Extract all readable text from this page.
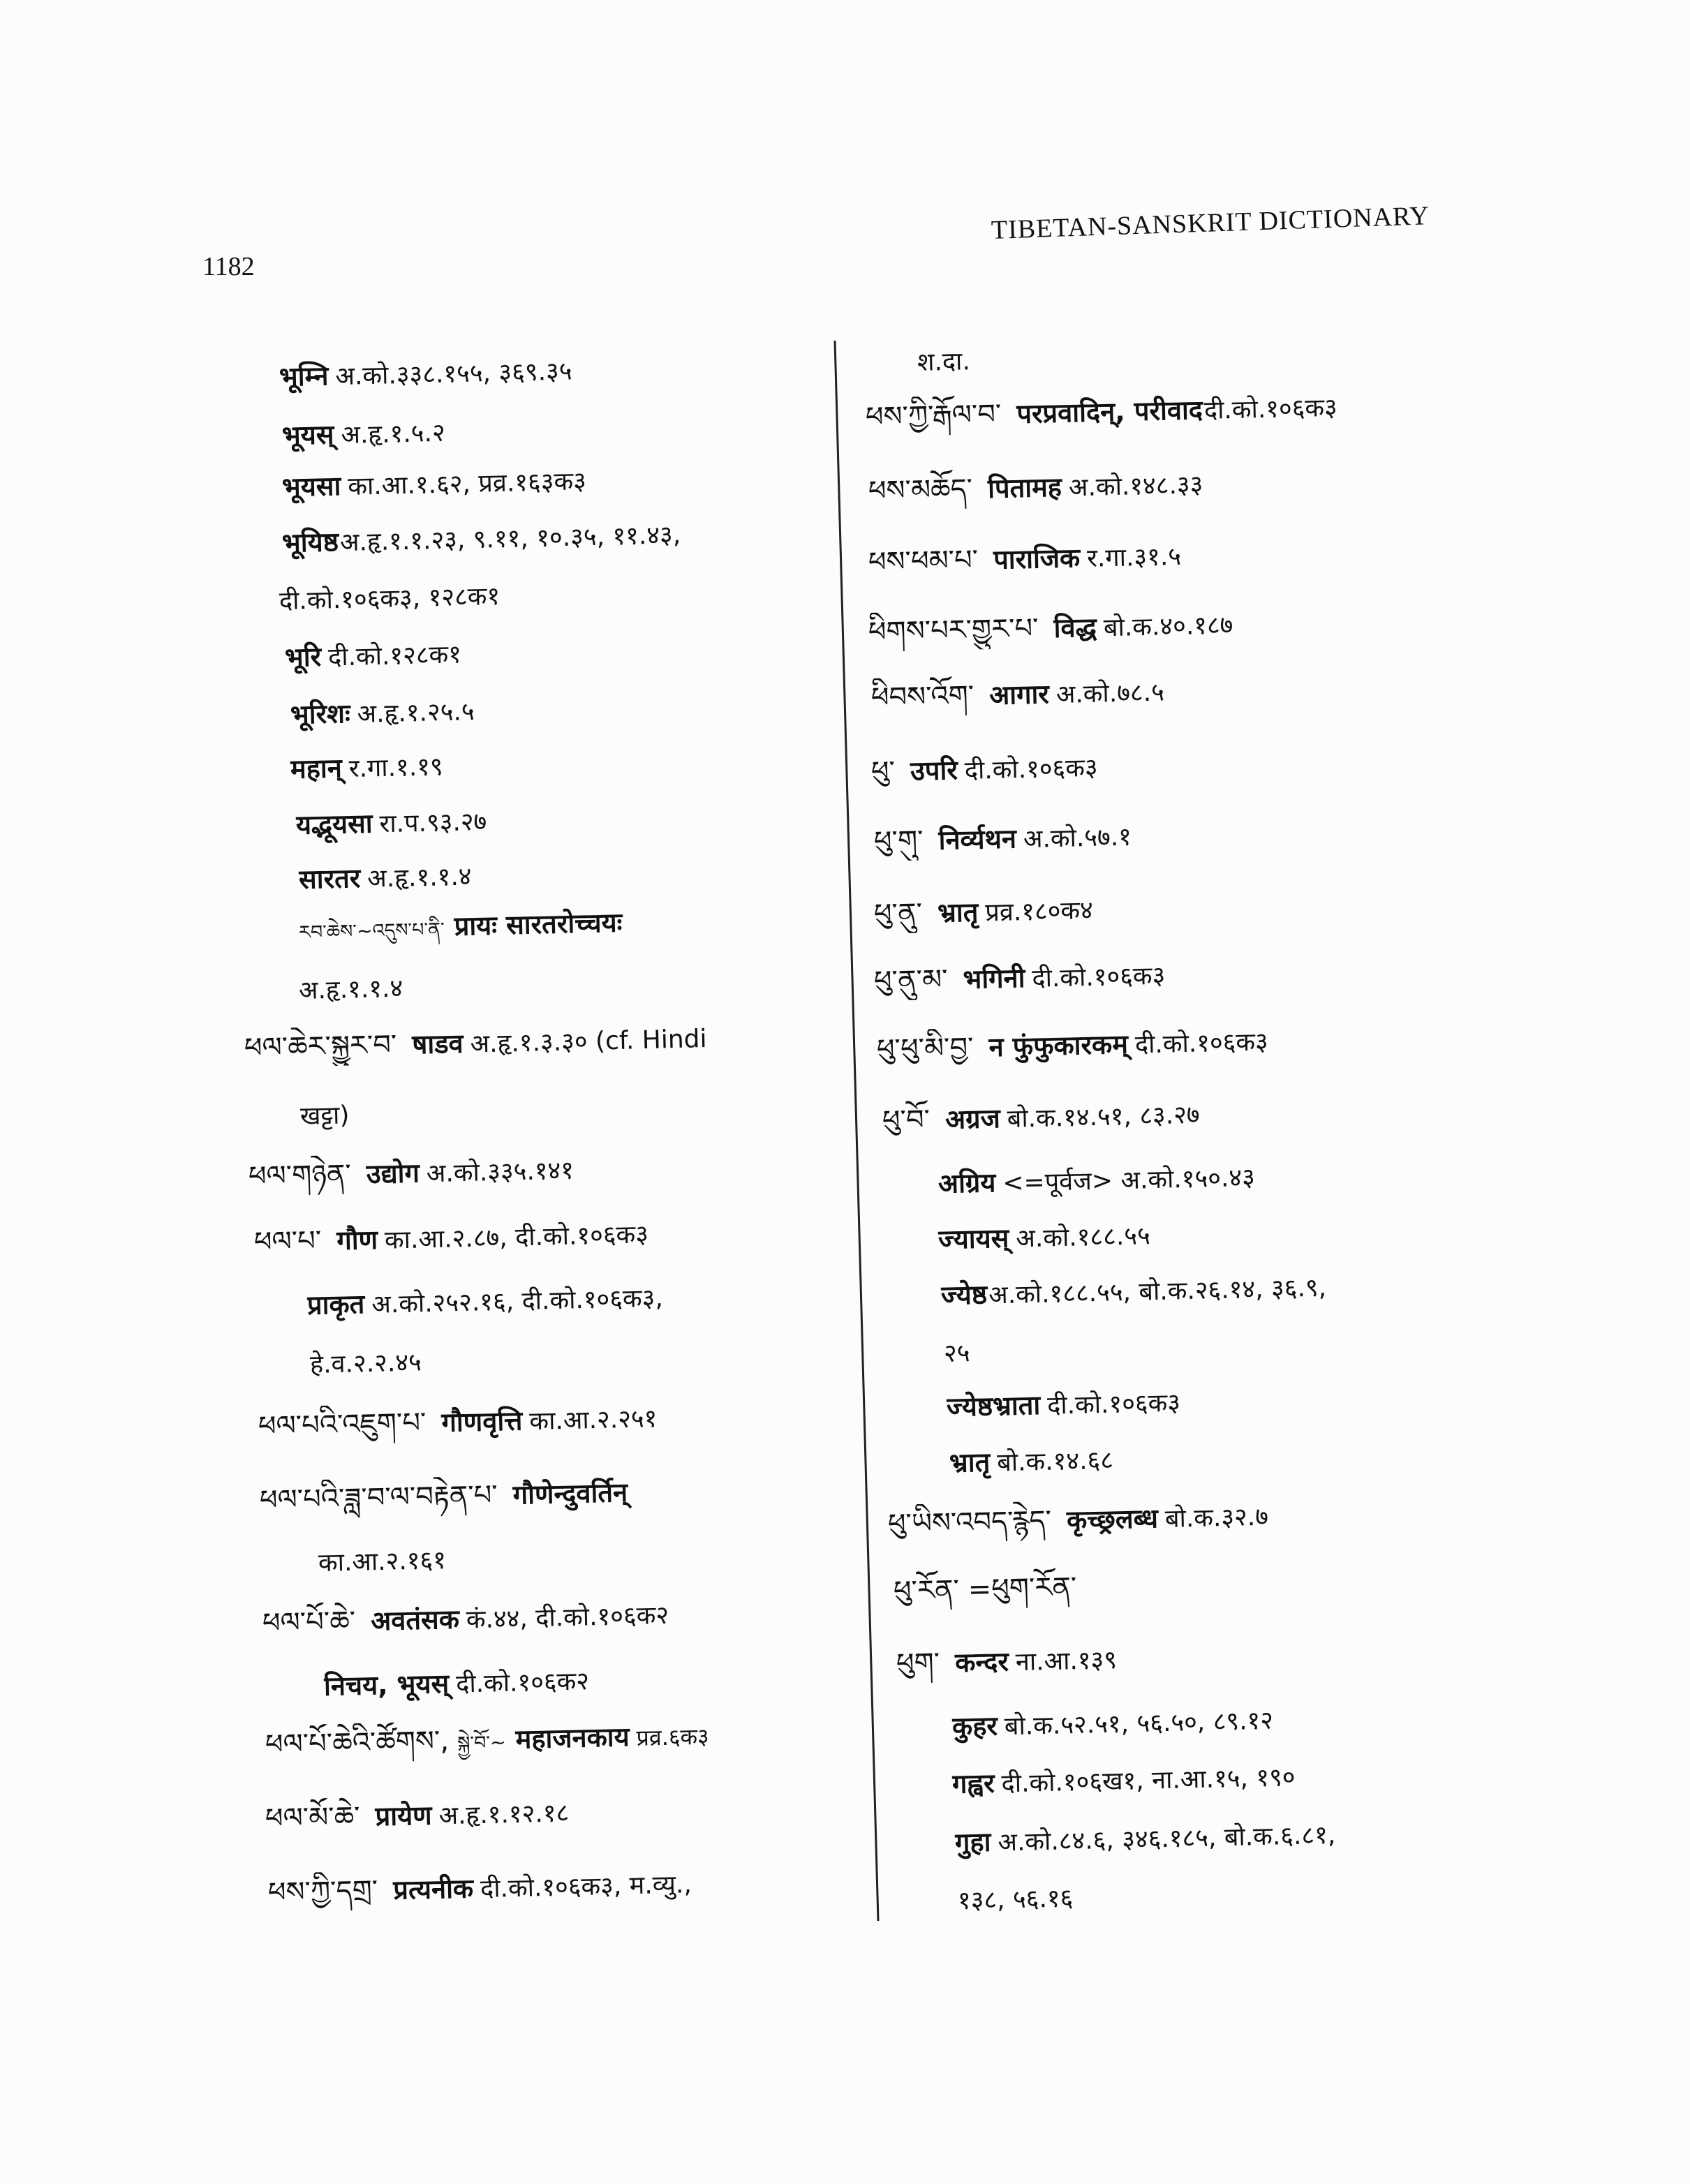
1182
TIBETAN-SANSKRIT DICTIONARY
भूम्नि अ.को.३३८.१५५, ३६९.३५
भूयस् अ.हृ.१.५.२
भूयसा का.आ.१.६२, प्रव्र.१६३क३
भूयिष्ठअ.हृ.१.१.२३, ९.११, १०.३५, ११.४३,
दी.को.१०६क३, १२८क१
भूरि दी.को.१२८क१
भूरिशः अ.हृ.१.२५.५
महान् र.गा.१.१९
यद्भूयसा रा.प.९३.२७
सारतर अ.हृ.१.१.४
རབ་ཆེས་~འདུས་པ་ནི་ प्रायः सारतरोच्चयः
अ.हृ.१.१.४
ཕལ་ཆེར་སྐྱུར་བ་ षाडव अ.हृ.१.३.३० (cf. Hindi
खट्टा)
ཕལ་གཉེན་ उद्योग अ.को.३३५.१४१
ཕལ་པ་ गौण का.आ.२.८७, दी.को.१०६क३
प्राकृत अ.को.२५२.१६, दी.को.१०६क३,
हे.व.२.२.४५
ཕལ་པའི་འཇུག་པ་ गौणवृत्ति का.आ.२.२५१
ཕལ་པའི་ཟླ་བ་ལ་བརྟེན་པ་ गौणेन्दुवर्तिन्
का.आ.२.१६१
ཕལ་པོ་ཆེ་ अवतंसक कं.४४, दी.को.१०६क२
निचय, भूयस् दी.को.१०६क२
ཕལ་པོ་ཆེའི་ཚོགས་, སྐྱེ་བོ་~ महाजनकाय प्रव्र.६क३
ཕལ་མོ་ཆེ་ प्रायेण अ.हृ.१.१२.१८
ཕས་ཀྱི་དགྲ་ प्रत्यनीक दी.को.१०६क३, म.व्यु.,
श.दा.
ཕས་ཀྱི་རྒོལ་བ་ परप्रवादिन्, परीवाददी.को.१०६क३
ཕས་མཆོད་ पितामह अ.को.१४८.३३
ཕས་ཕམ་པ་ पाराजिक र.गा.३१.५
ཕིགས་པར་གྱུར་པ་ विद्ध बो.क.४०.१८७
ཕིབས་འོག་ आगार अ.को.७८.५
ཕུ་ उपरि दी.को.१०६क३
ཕུ་གུ་ निर्व्यथन अ.को.५७.१
ཕུ་ནུ་ भ्रातृ प्रव्र.१८०क४
ཕུ་ནུ་མ་ भगिनी दी.को.१०६क३
ཕུ་ཕུ་མི་བྱ་ न फुंफुकारकम् दी.को.१०६क३
ཕུ་བོ་ अग्रज बो.क.१४.५१, ८३.२७
अग्रिय <=पूर्वज> अ.को.१५०.४३
ज्यायस् अ.को.१८८.५५
ज्येष्ठअ.को.१८८.५५, बो.क.२६.१४, ३६.९,
२५
ज्येष्ठभ्राता दी.को.१०६क३
भ्रातृ बो.क.१४.६८
ཕུ་ཡིས་འབད་རྙེད་ कृच्छ्रलब्ध बो.क.३२.७
ཕུ་རོན་ =ཕུག་རོན་
ཕུག་ कन्दर ना.आ.१३९
कुहर बो.क.५२.५१, ५६.५०, ८९.१२
गह्वर दी.को.१०६ख१, ना.आ.१५, १९०
गुहा अ.को.८४.६, ३४६.१८५, बो.क.६.८१,
१३८, ५६.१६
